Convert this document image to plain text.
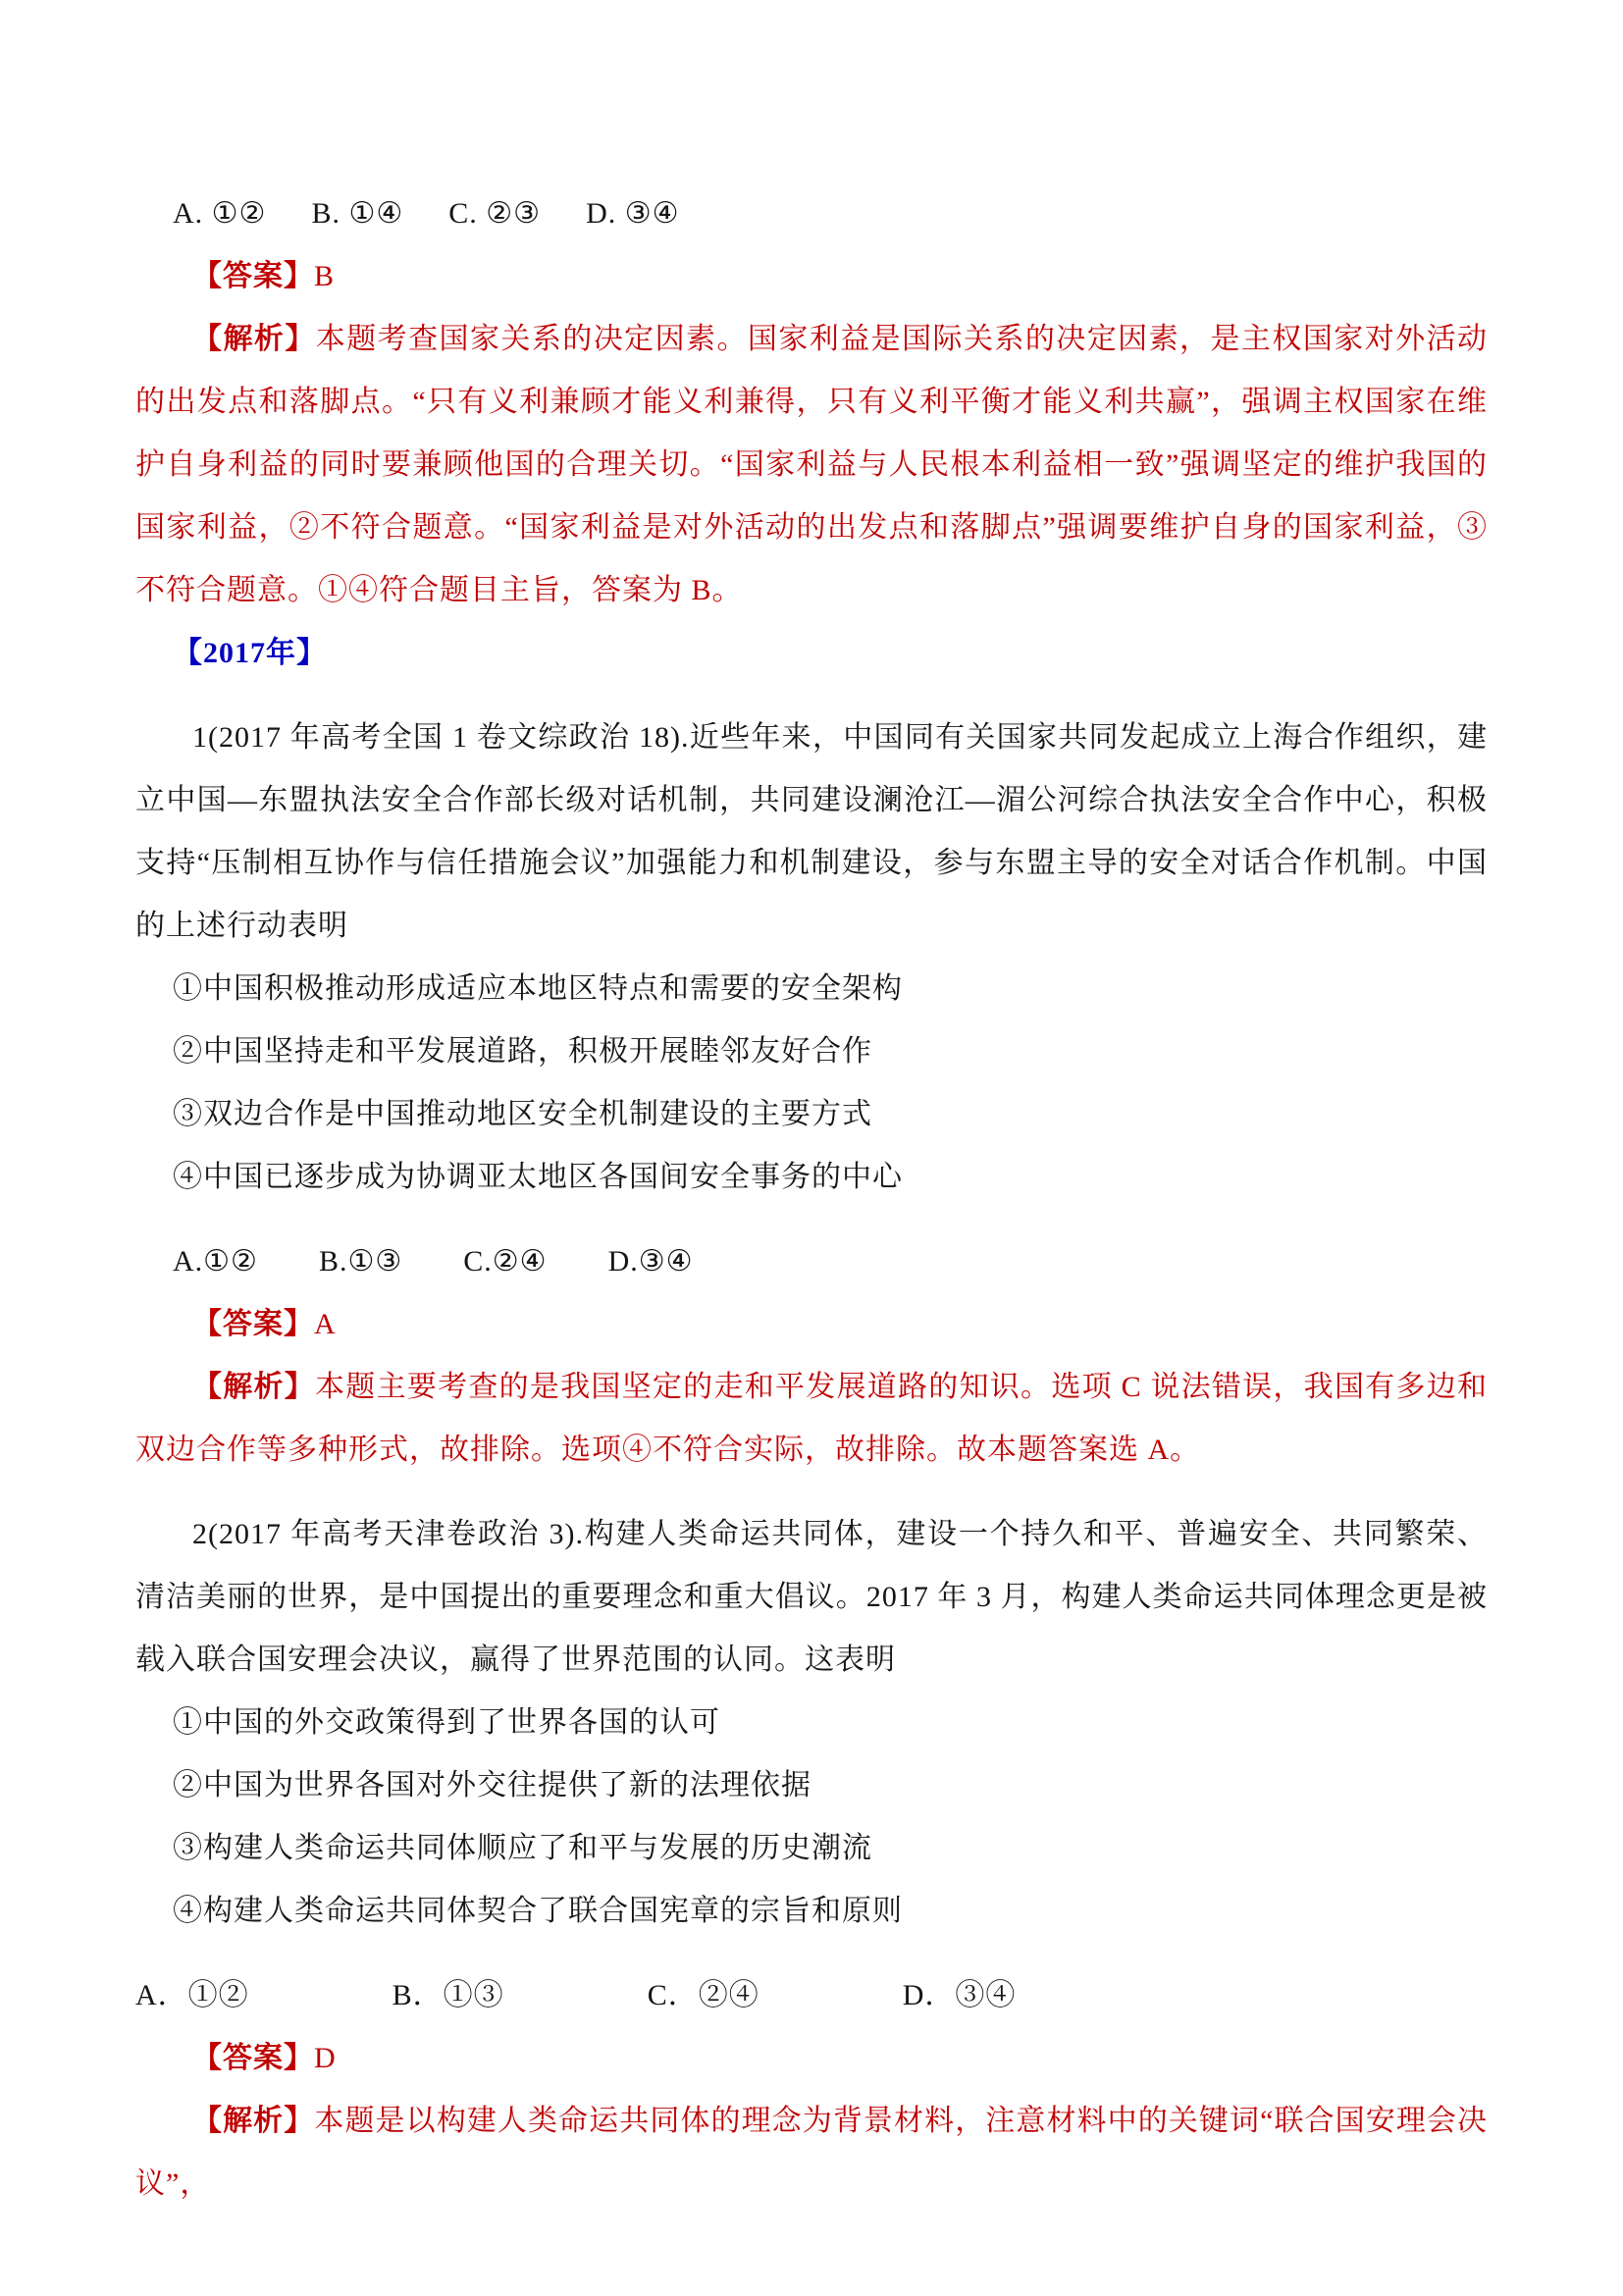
A. ①② B. ①④ C. ②③ D. ③④

【答案】B

【解析】本题考查国家关系的决定因素。国家利益是国际关系的决定因素，是主权国家对外活动的出发点和落脚点。“只有义利兼顾才能义利兼得，只有义利平衡才能义利共赢”，强调主权国家在维护自身利益的同时要兼顾他国的合理关切。“国家利益与人民根本利益相一致”强调坚定的维护我国的国家利益，②不符合题意。“国家利益是对外活动的出发点和落脚点”强调要维护自身的国家利益，③不符合题意。①④符合题目主旨，答案为 B。

【2017年】

1(2017 年高考全国 1 卷文综政治 18).近些年来，中国同有关国家共同发起成立上海合作组织，建立中国—东盟执法安全合作部长级对话机制，共同建设澜沧江—湄公河综合执法安全合作中心，积极支持“压制相互协作与信任措施会议”加强能力和机制建设，参与东盟主导的安全对话合作机制。中国的上述行动表明

①中国积极推动形成适应本地区特点和需要的安全架构

②中国坚持走和平发展道路，积极开展睦邻友好合作

③双边合作是中国推动地区安全机制建设的主要方式

④中国已逐步成为协调亚太地区各国间安全事务的中心

A.①② B.①③ C.②④ D.③④

【答案】A

【解析】本题主要考查的是我国坚定的走和平发展道路的知识。选项 C 说法错误，我国有多边和双边合作等多种形式，故排除。选项④不符合实际，故排除。故本题答案选 A。

2(2017 年高考天津卷政治 3).构建人类命运共同体，建设一个持久和平、普遍安全、共同繁荣、清洁美丽的世界，是中国提出的重要理念和重大倡议。2017 年 3 月，构建人类命运共同体理念更是被载入联合国安理会决议，赢得了世界范围的认同。这表明

①中国的外交政策得到了世界各国的认可

②中国为世界各国对外交往提供了新的法理依据

③构建人类命运共同体顺应了和平与发展的历史潮流

④构建人类命运共同体契合了联合国宪章的宗旨和原则

A．①②	B．①③	C．②④	D．③④

【答案】D

【解析】本题是以构建人类命运共同体的理念为背景材料，注意材料中的关键词“联合国安理会决议”，
